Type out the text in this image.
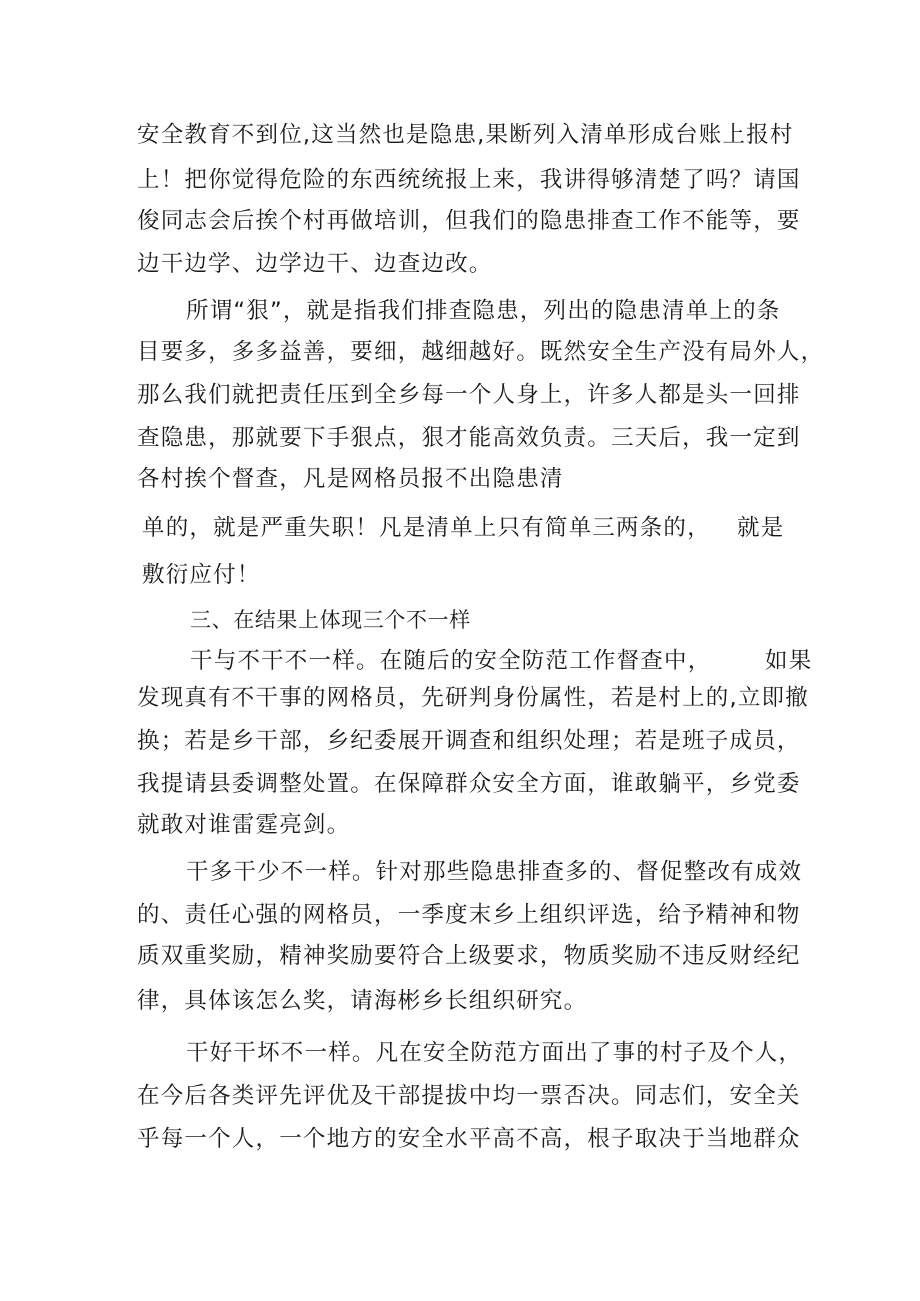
安全教育不到位,这当然也是隐患,果断列入清单形成台账上报村
上！把你觉得危险的东西统统报上来，我讲得够清楚了吗？请国
俊同志会后挨个村再做培训，但我们的隐患排查工作不能等，要
边干边学、边学边干、边查边改。
所谓“狠”，就是指我们排查隐患，列出的隐患清单上的条
目要多，多多益善，要细，越细越好。既然安全生产没有局外人，
那么我们就把责任压到全乡每一个人身上，许多人都是头一回排
查隐患，那就要下手狠点，狠才能高效负责。三天后，我一定到
各村挨个督查，凡是网格员报不出隐患清
单的，就是严重失职！凡是清单上只有简单三两条的， 就是
敷衍应付！
三、在结果上体现三个不一样
干与不干不一样。在随后的安全防范工作督查中， 如果
发现真有不干事的网格员，先研判身份属性，若是村上的,立即撤
换；若是乡干部，乡纪委展开调查和组织处理；若是班子成员，
我提请县委调整处置。在保障群众安全方面，谁敢躺平，乡党委
就敢对谁雷霆亮剑。
干多干少不一样。针对那些隐患排查多的、督促整改有成效
的、责任心强的网格员，一季度末乡上组织评选，给予精神和物
质双重奖励，精神奖励要符合上级要求，物质奖励不违反财经纪
律，具体该怎么奖，请海彬乡长组织研究。
干好干坏不一样。凡在安全防范方面出了事的村子及个人，
在今后各类评先评优及干部提拔中均一票否决。同志们，安全关
乎每一个人，一个地方的安全水平高不高，根子取决于当地群众
